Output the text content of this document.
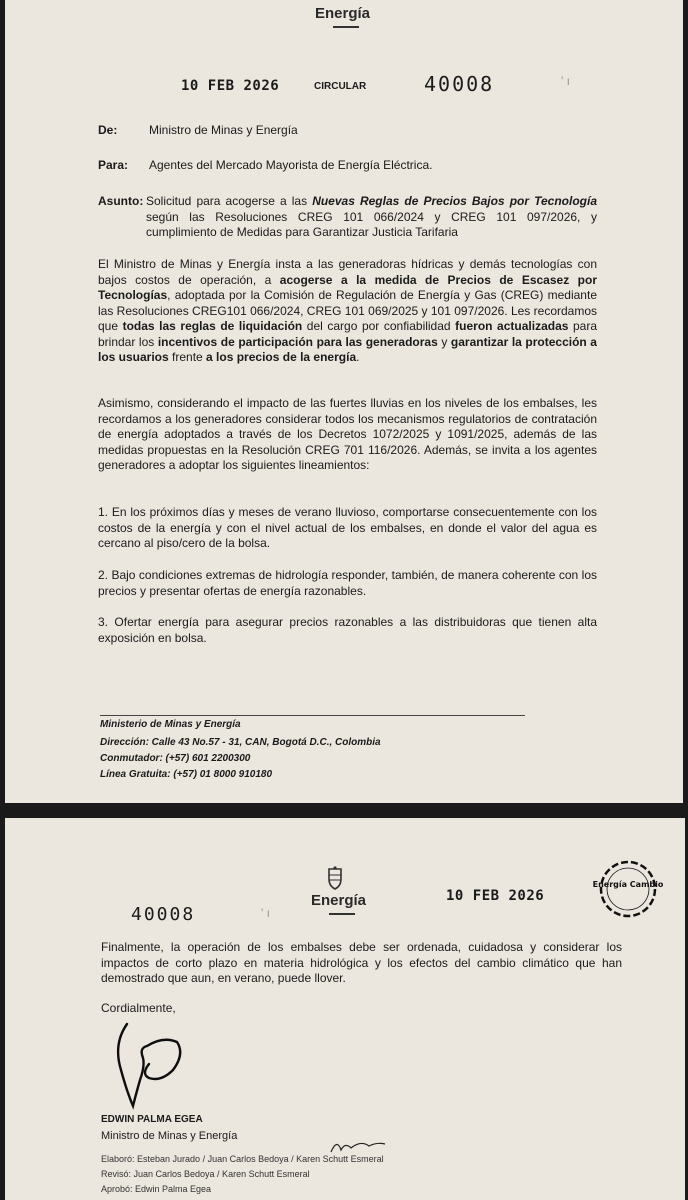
Energía
10 FEB 2026	CIRCULAR	40008	' ı
De:	Ministro de Minas y Energía
Para: Agentes del Mercado Mayorista de Energía Eléctrica.
Asunto: Solicitud para acogerse a las Nuevas Reglas de Precios Bajos por Tecnología según las Resoluciones CREG 101 066/2024 y CREG 101 097/2026, y cumplimiento de Medidas para Garantizar Justicia Tarifaria
El Ministro de Minas y Energía insta a las generadoras hídricas y demás tecnologías con bajos costos de operación, a acogerse a la medida de Precios de Escasez por Tecnologías, adoptada por la Comisión de Regulación de Energía y Gas (CREG) mediante las Resoluciones CREG101 066/2024, CREG 101 069/2025 y 101 097/2026. Les recordamos que todas las reglas de liquidación del cargo por confiabilidad fueron actualizadas para brindar los incentivos de participación para las generadoras y garantizar la protección a los usuarios frente a los precios de la energía.
Asimismo, considerando el impacto de las fuertes lluvias en los niveles de los embalses, les recordamos a los generadores considerar todos los mecanismos regulatorios de contratación de energía adoptados a través de los Decretos 1072/2025 y 1091/2025, además de las medidas propuestas en la Resolución CREG 701 116/2026. Además, se invita a los agentes generadores a adoptar los siguientes lineamientos:
1. En los próximos días y meses de verano lluvioso, comportarse consecuentemente con los costos de la energía y con el nivel actual de los embalses, en donde el valor del agua es cercano al piso/cero de la bolsa.
2. Bajo condiciones extremas de hidrología responder, también, de manera coherente con los precios y presentar ofertas de energía razonables.
3. Ofertar energía para asegurar precios razonables a las distribuidoras que tienen alta exposición en bolsa.
Ministerio de Minas y Energía
Dirección: Calle 43 No.57 - 31, CAN, Bogotá D.C., Colombia
Conmutador: (+57) 601 2200300
Línea Gratuita: (+57) 01 8000 910180
40008	' ı
Energía	10 FEB 2026
Energía Cambio
Finalmente, la operación de los embalses debe ser ordenada, cuidadosa y considerar los impactos de corto plazo en materia hidrológica y los efectos del cambio climático que han demostrado que aun, en verano, puede llover.
Cordialmente,
EDWIN PALMA EGEA
Ministro de Minas y Energía
Elaboró: Esteban Jurado / Juan Carlos Bedoya / Karen Schutt Esmeral
Revisó: Juan Carlos Bedoya / Karen Schutt Esmeral
Aprobó: Edwin Palma Egea
